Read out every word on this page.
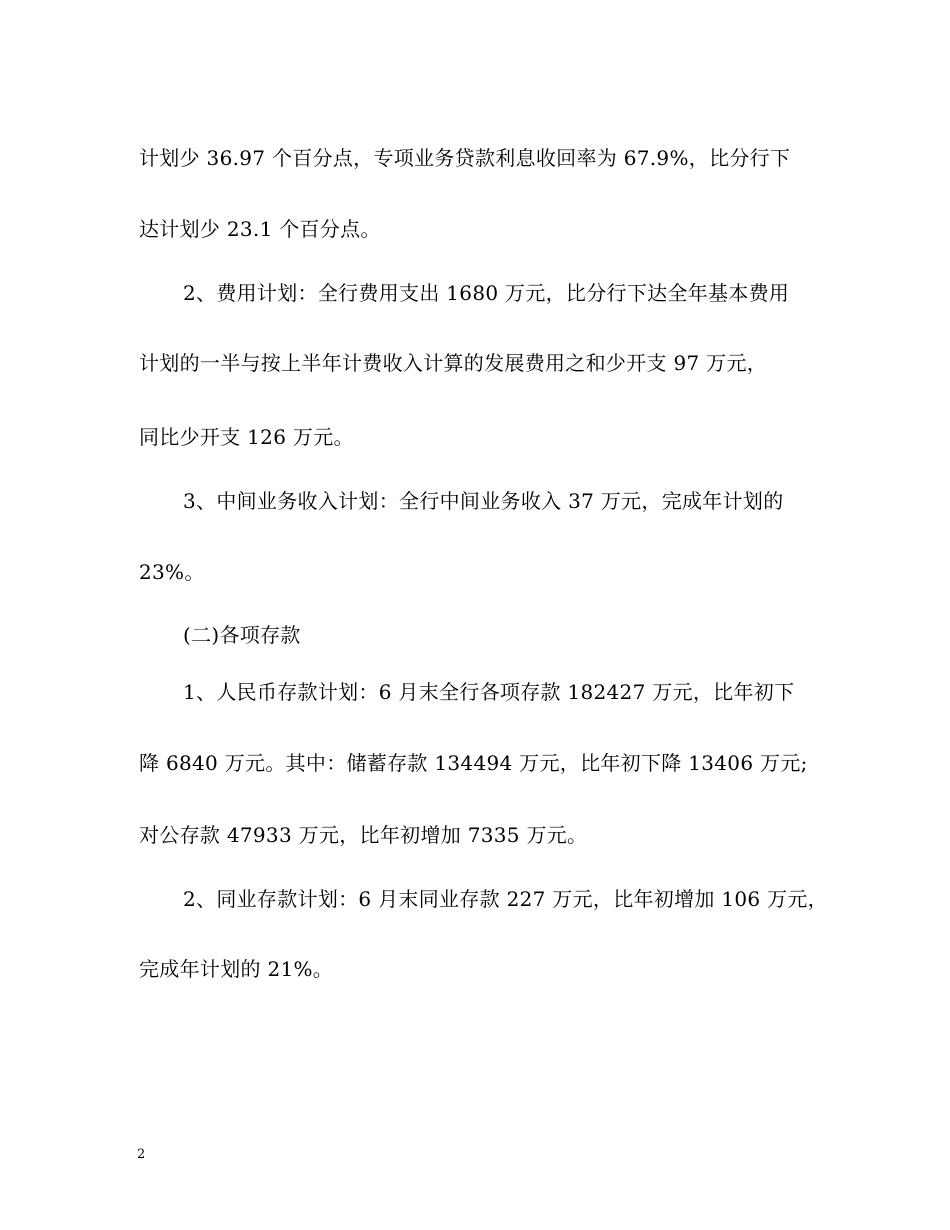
计划少 36.97 个百分点，专项业务贷款利息收回率为 67.9%，比分行下
达计划少 23.1 个百分点。
2、费用计划：全行费用支出 1680 万元，比分行下达全年基本费用
计划的一半与按上半年计费收入计算的发展费用之和少开支 97 万元，
同比少开支 126 万元。
3、中间业务收入计划：全行中间业务收入 37 万元，完成年计划的
23%。
(二)各项存款
1、人民币存款计划：6 月末全行各项存款 182427 万元，比年初下
降 6840 万元。其中：储蓄存款 134494 万元，比年初下降 13406 万元;
对公存款 47933 万元，比年初增加 7335 万元。
2、同业存款计划：6 月末同业存款 227 万元，比年初增加 106 万元，
完成年计划的 21%。
2
